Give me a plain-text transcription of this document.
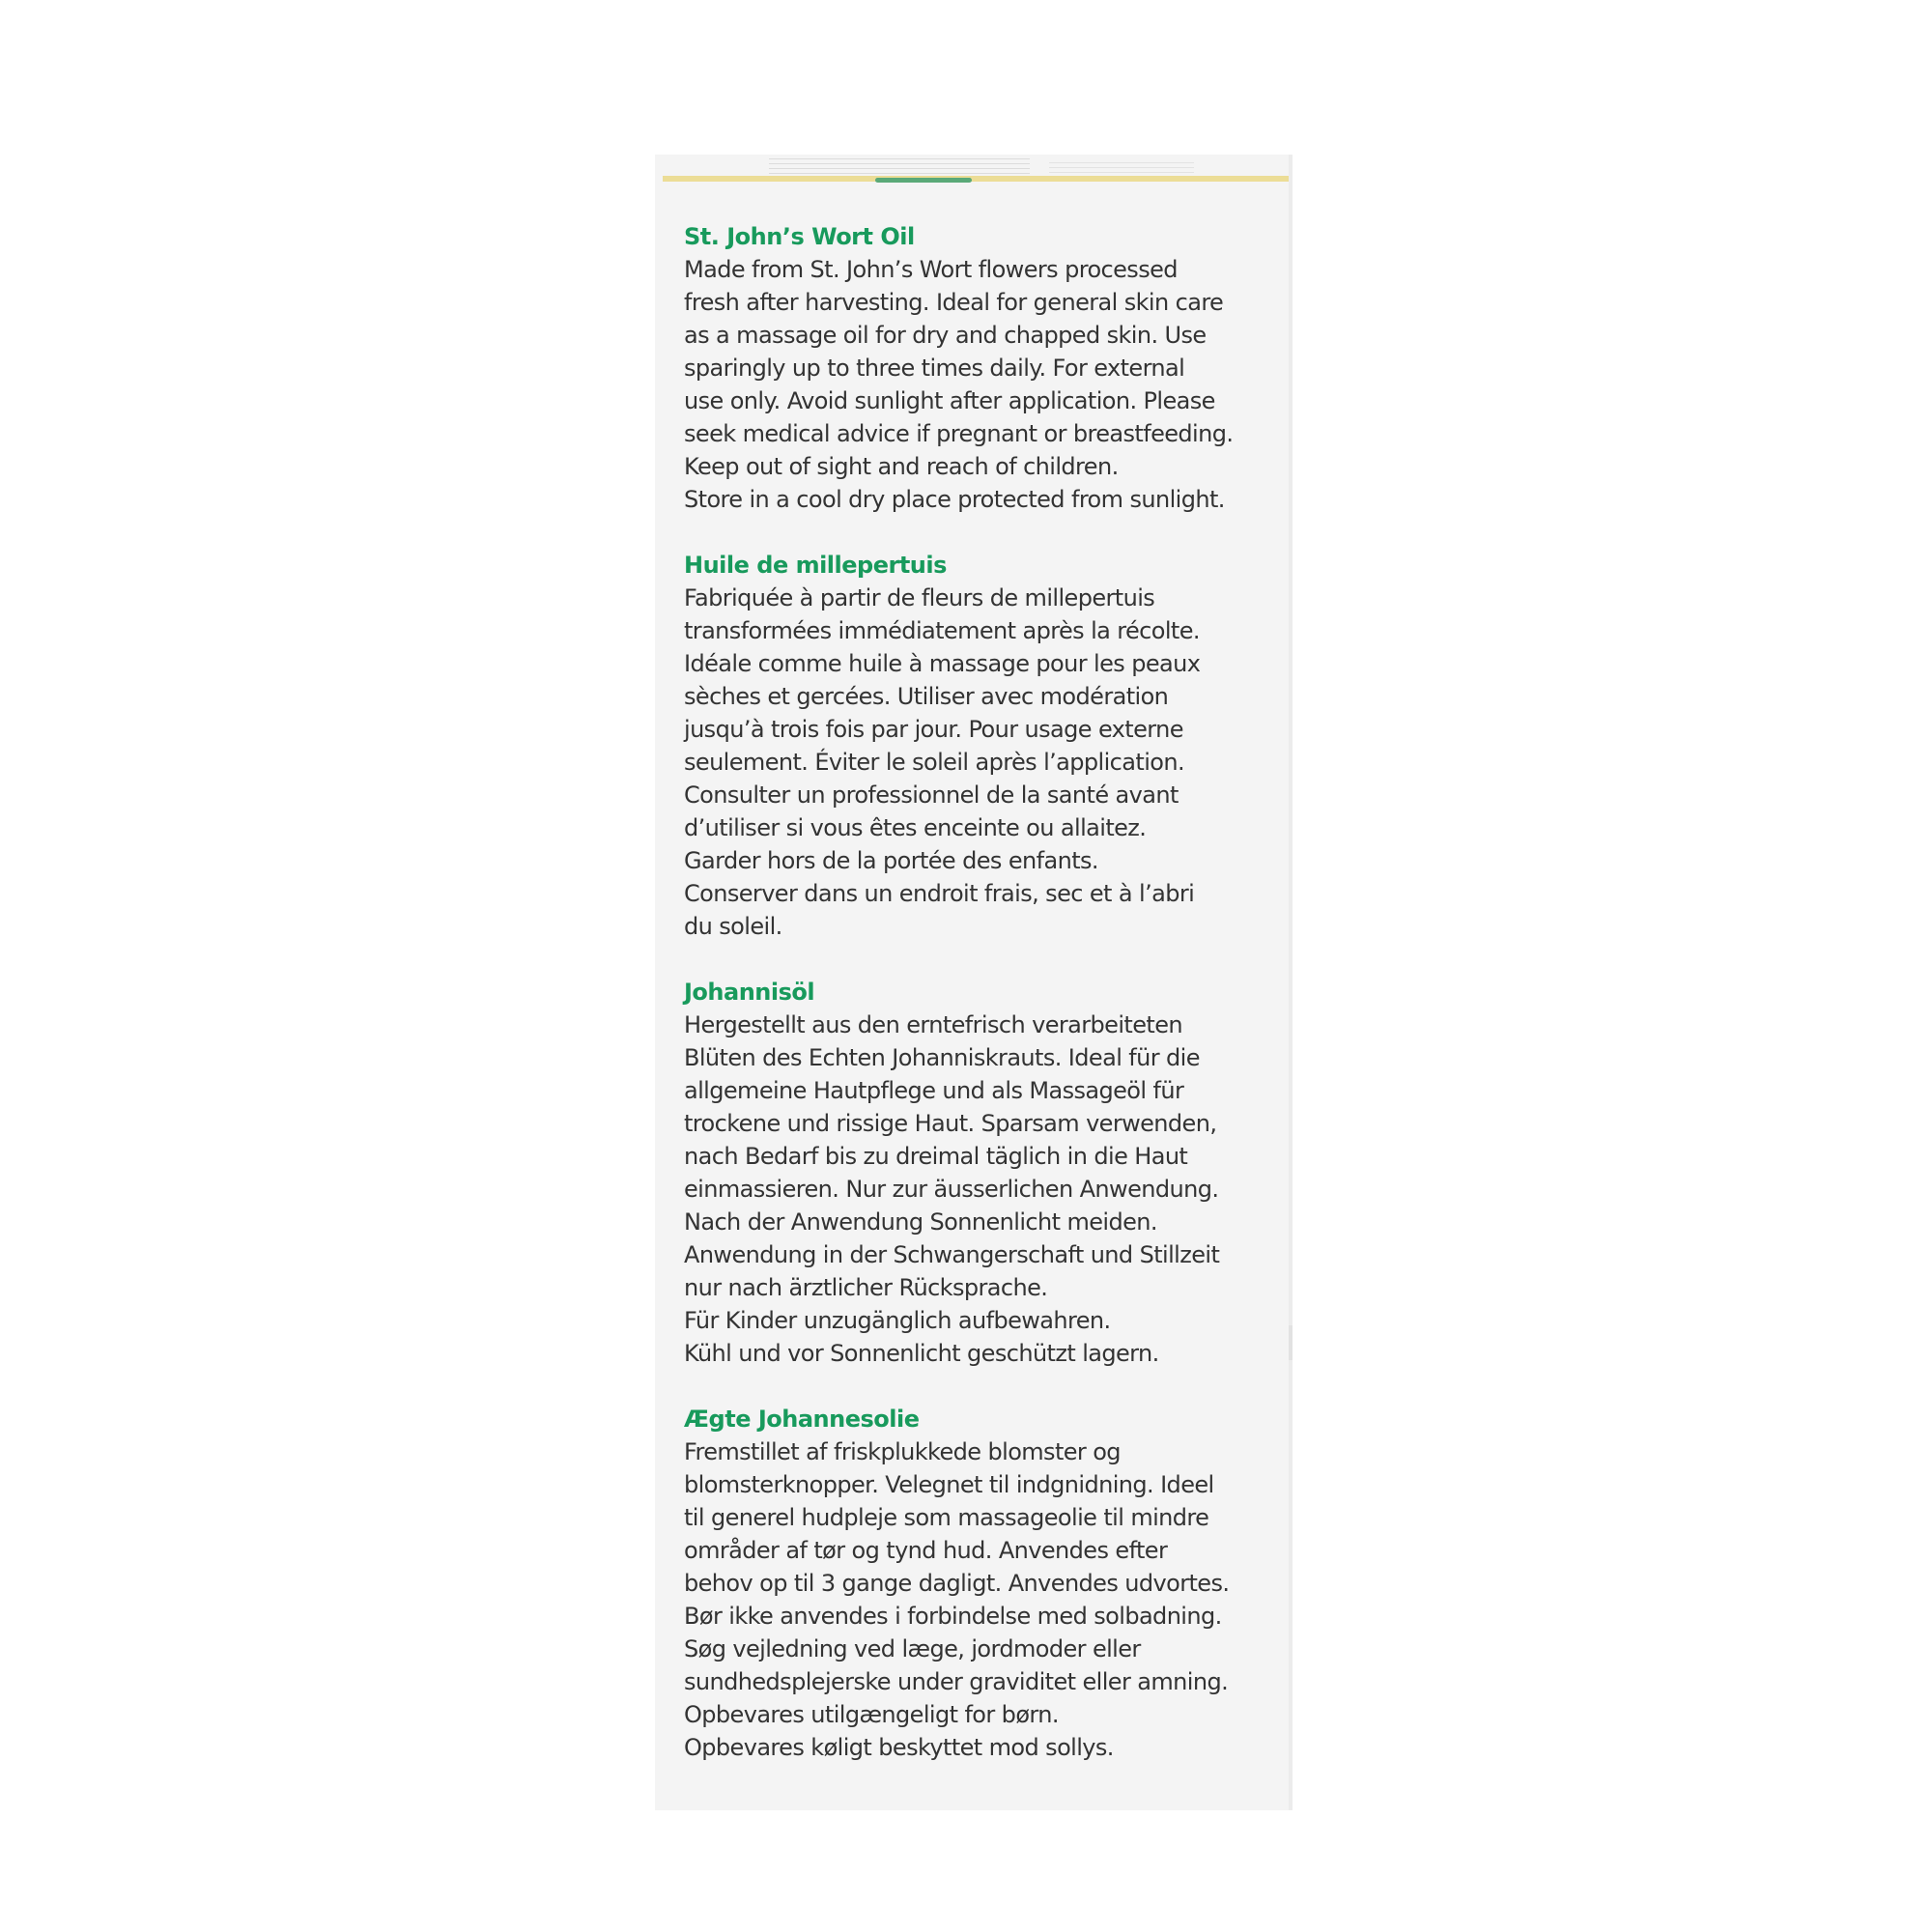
St. John’s Wort Oil
Made from St. John’s Wort flowers processed
fresh after harvesting. Ideal for general skin care
as a massage oil for dry and chapped skin. Use
sparingly up to three times daily. For external
use only. Avoid sunlight after application. Please
seek medical advice if pregnant or breastfeeding.
Keep out of sight and reach of children.
Store in a cool dry place protected from sunlight.
Huile de millepertuis
Fabriquée à partir de fleurs de millepertuis
transformées immédiatement après la récolte.
Idéale comme huile à massage pour les peaux
sèches et gercées. Utiliser avec modération
jusqu’à trois fois par jour. Pour usage externe
seulement. Éviter le soleil après l’application.
Consulter un professionnel de la santé avant
d’utiliser si vous êtes enceinte ou allaitez.
Garder hors de la portée des enfants.
Conserver dans un endroit frais, sec et à l’abri
du soleil.
Johannisöl
Hergestellt aus den erntefrisch verarbeiteten
Blüten des Echten Johanniskrauts. Ideal für die
allgemeine Hautpflege und als Massageöl für
trockene und rissige Haut. Sparsam verwenden,
nach Bedarf bis zu dreimal täglich in die Haut
einmassieren. Nur zur äusserlichen Anwendung.
Nach der Anwendung Sonnenlicht meiden.
Anwendung in der Schwangerschaft und Stillzeit
nur nach ärztlicher Rücksprache.
Für Kinder unzugänglich aufbewahren.
Kühl und vor Sonnenlicht geschützt lagern.
Ægte Johannesolie
Fremstillet af friskplukkede blomster og
blomsterknopper. Velegnet til indgnidning. Ideel
til generel hudpleje som massageolie til mindre
områder af tør og tynd hud. Anvendes efter
behov op til 3 gange dagligt. Anvendes udvortes.
Bør ikke anvendes i forbindelse med solbadning.
Søg vejledning ved læge, jordmoder eller
sundhedsplejerske under graviditet eller amning.
Opbevares utilgængeligt for børn.
Opbevares køligt beskyttet mod sollys.
